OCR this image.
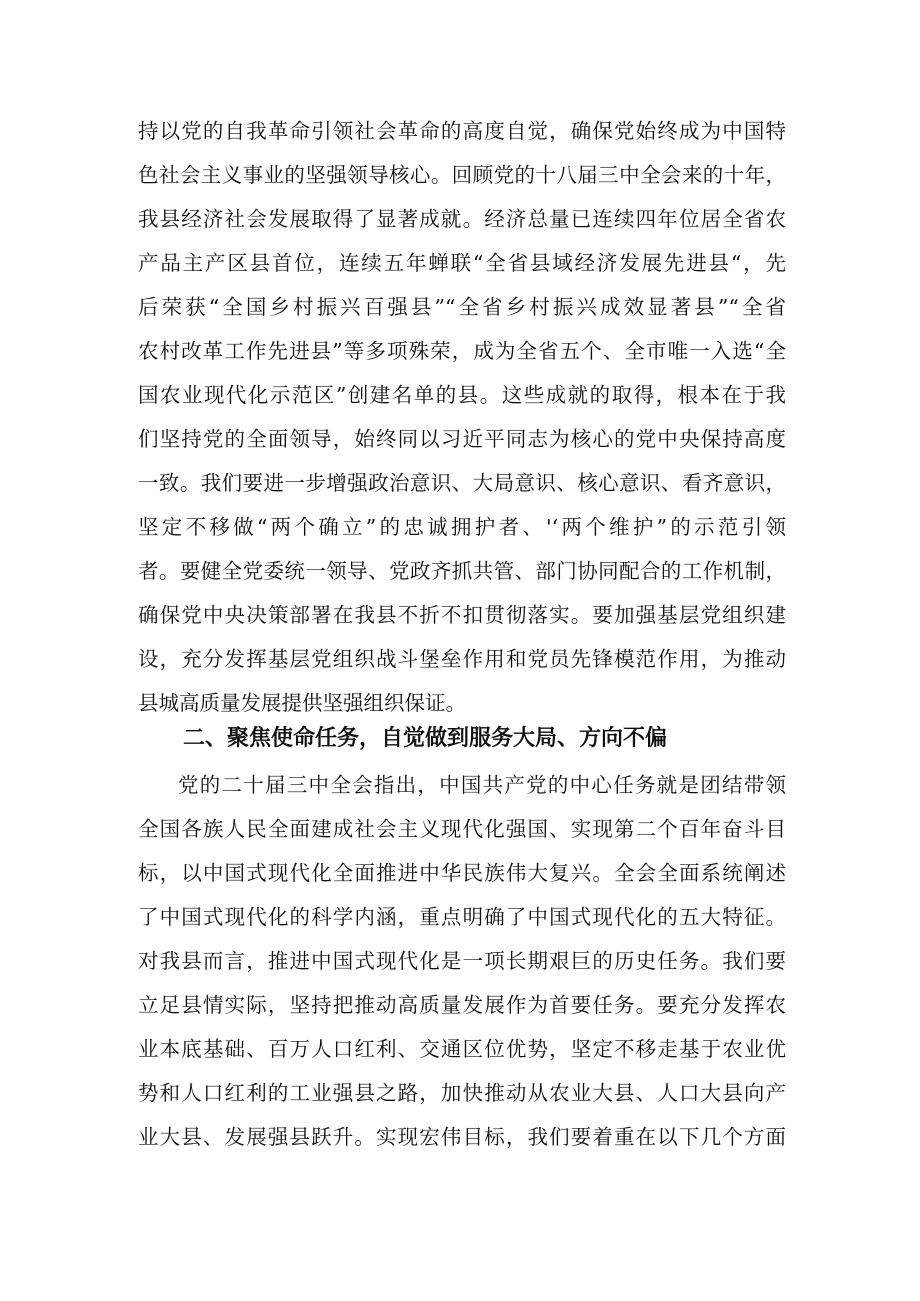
持以党的自我革命引领社会革命的高度自觉，确保党始终成为中国特
色社会主义事业的坚强领导核心。回顾党的十八届三中全会来的十年，
我县经济社会发展取得了显著成就。经济总量已连续四年位居全省农
产品主产区县首位，连续五年蝉联“全省县域经济发展先进县“，先
后荣获“全国乡村振兴百强县”“全省乡村振兴成效显著县”“全省
农村改革工作先进县”等多项殊荣，成为全省五个、全市唯一入选“全
国农业现代化示范区”创建名单的县。这些成就的取得，根本在于我
们坚持党的全面领导，始终同以习近平同志为核心的党中央保持高度
一致。我们要进一步增强政治意识、大局意识、核心意识、看齐意识，
坚定不移做“两个确立”的忠诚拥护者、'‘两个维护”的示范引领
者。要健全党委统一领导、党政齐抓共管、部门协同配合的工作机制，
确保党中央决策部署在我县不折不扣贯彻落实。要加强基层党组织建
设，充分发挥基层党组织战斗堡垒作用和党员先锋模范作用，为推动
县城高质量发展提供坚强组织保证。
二、聚焦使命任务，自觉做到服务大局、方向不偏
党的二十届三中全会指出，中国共产党的中心任务就是团结带领
全国各族人民全面建成社会主义现代化强国、实现第二个百年奋斗目
标，以中国式现代化全面推进中华民族伟大复兴。全会全面系统阐述
了中国式现代化的科学内涵，重点明确了中国式现代化的五大特征。
对我县而言，推进中国式现代化是一项长期艰巨的历史任务。我们要
立足县情实际，坚持把推动高质量发展作为首要任务。要充分发挥农
业本底基础、百万人口红利、交通区位优势，坚定不移走基于农业优
势和人口红利的工业强县之路，加快推动从农业大县、人口大县向产
业大县、发展强县跃升。实现宏伟目标，我们要着重在以下几个方面
